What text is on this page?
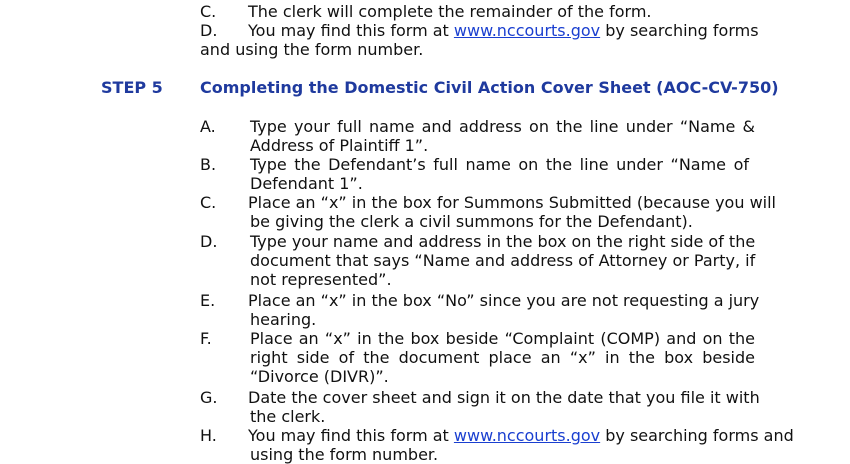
C. The clerk will complete the remainder of the form.
D. You may find this form at www.nccourts.gov by searching forms
and using the form number.
STEP 5 Completing the Domestic Civil Action Cover Sheet (AOC-CV-750)
A. Type your full name and address on the line under “Name &
Address of Plaintiff 1”.
B. Type the Defendant’s full name on the line under “Name of
Defendant 1”.
C. Place an “x” in the box for Summons Submitted (because you will
be giving the clerk a civil summons for the Defendant).
D. Type your name and address in the box on the right side of the
document that says “Name and address of Attorney or Party, if
not represented”.
E. Place an “x” in the box “No” since you are not requesting a jury
hearing.
F. Place an “x” in the box beside “Complaint (COMP) and on the
right side of the document place an “x” in the box beside
“Divorce (DIVR)”.
G. Date the cover sheet and sign it on the date that you file it with
the clerk.
H. You may find this form at www.nccourts.gov by searching forms and
using the form number.
